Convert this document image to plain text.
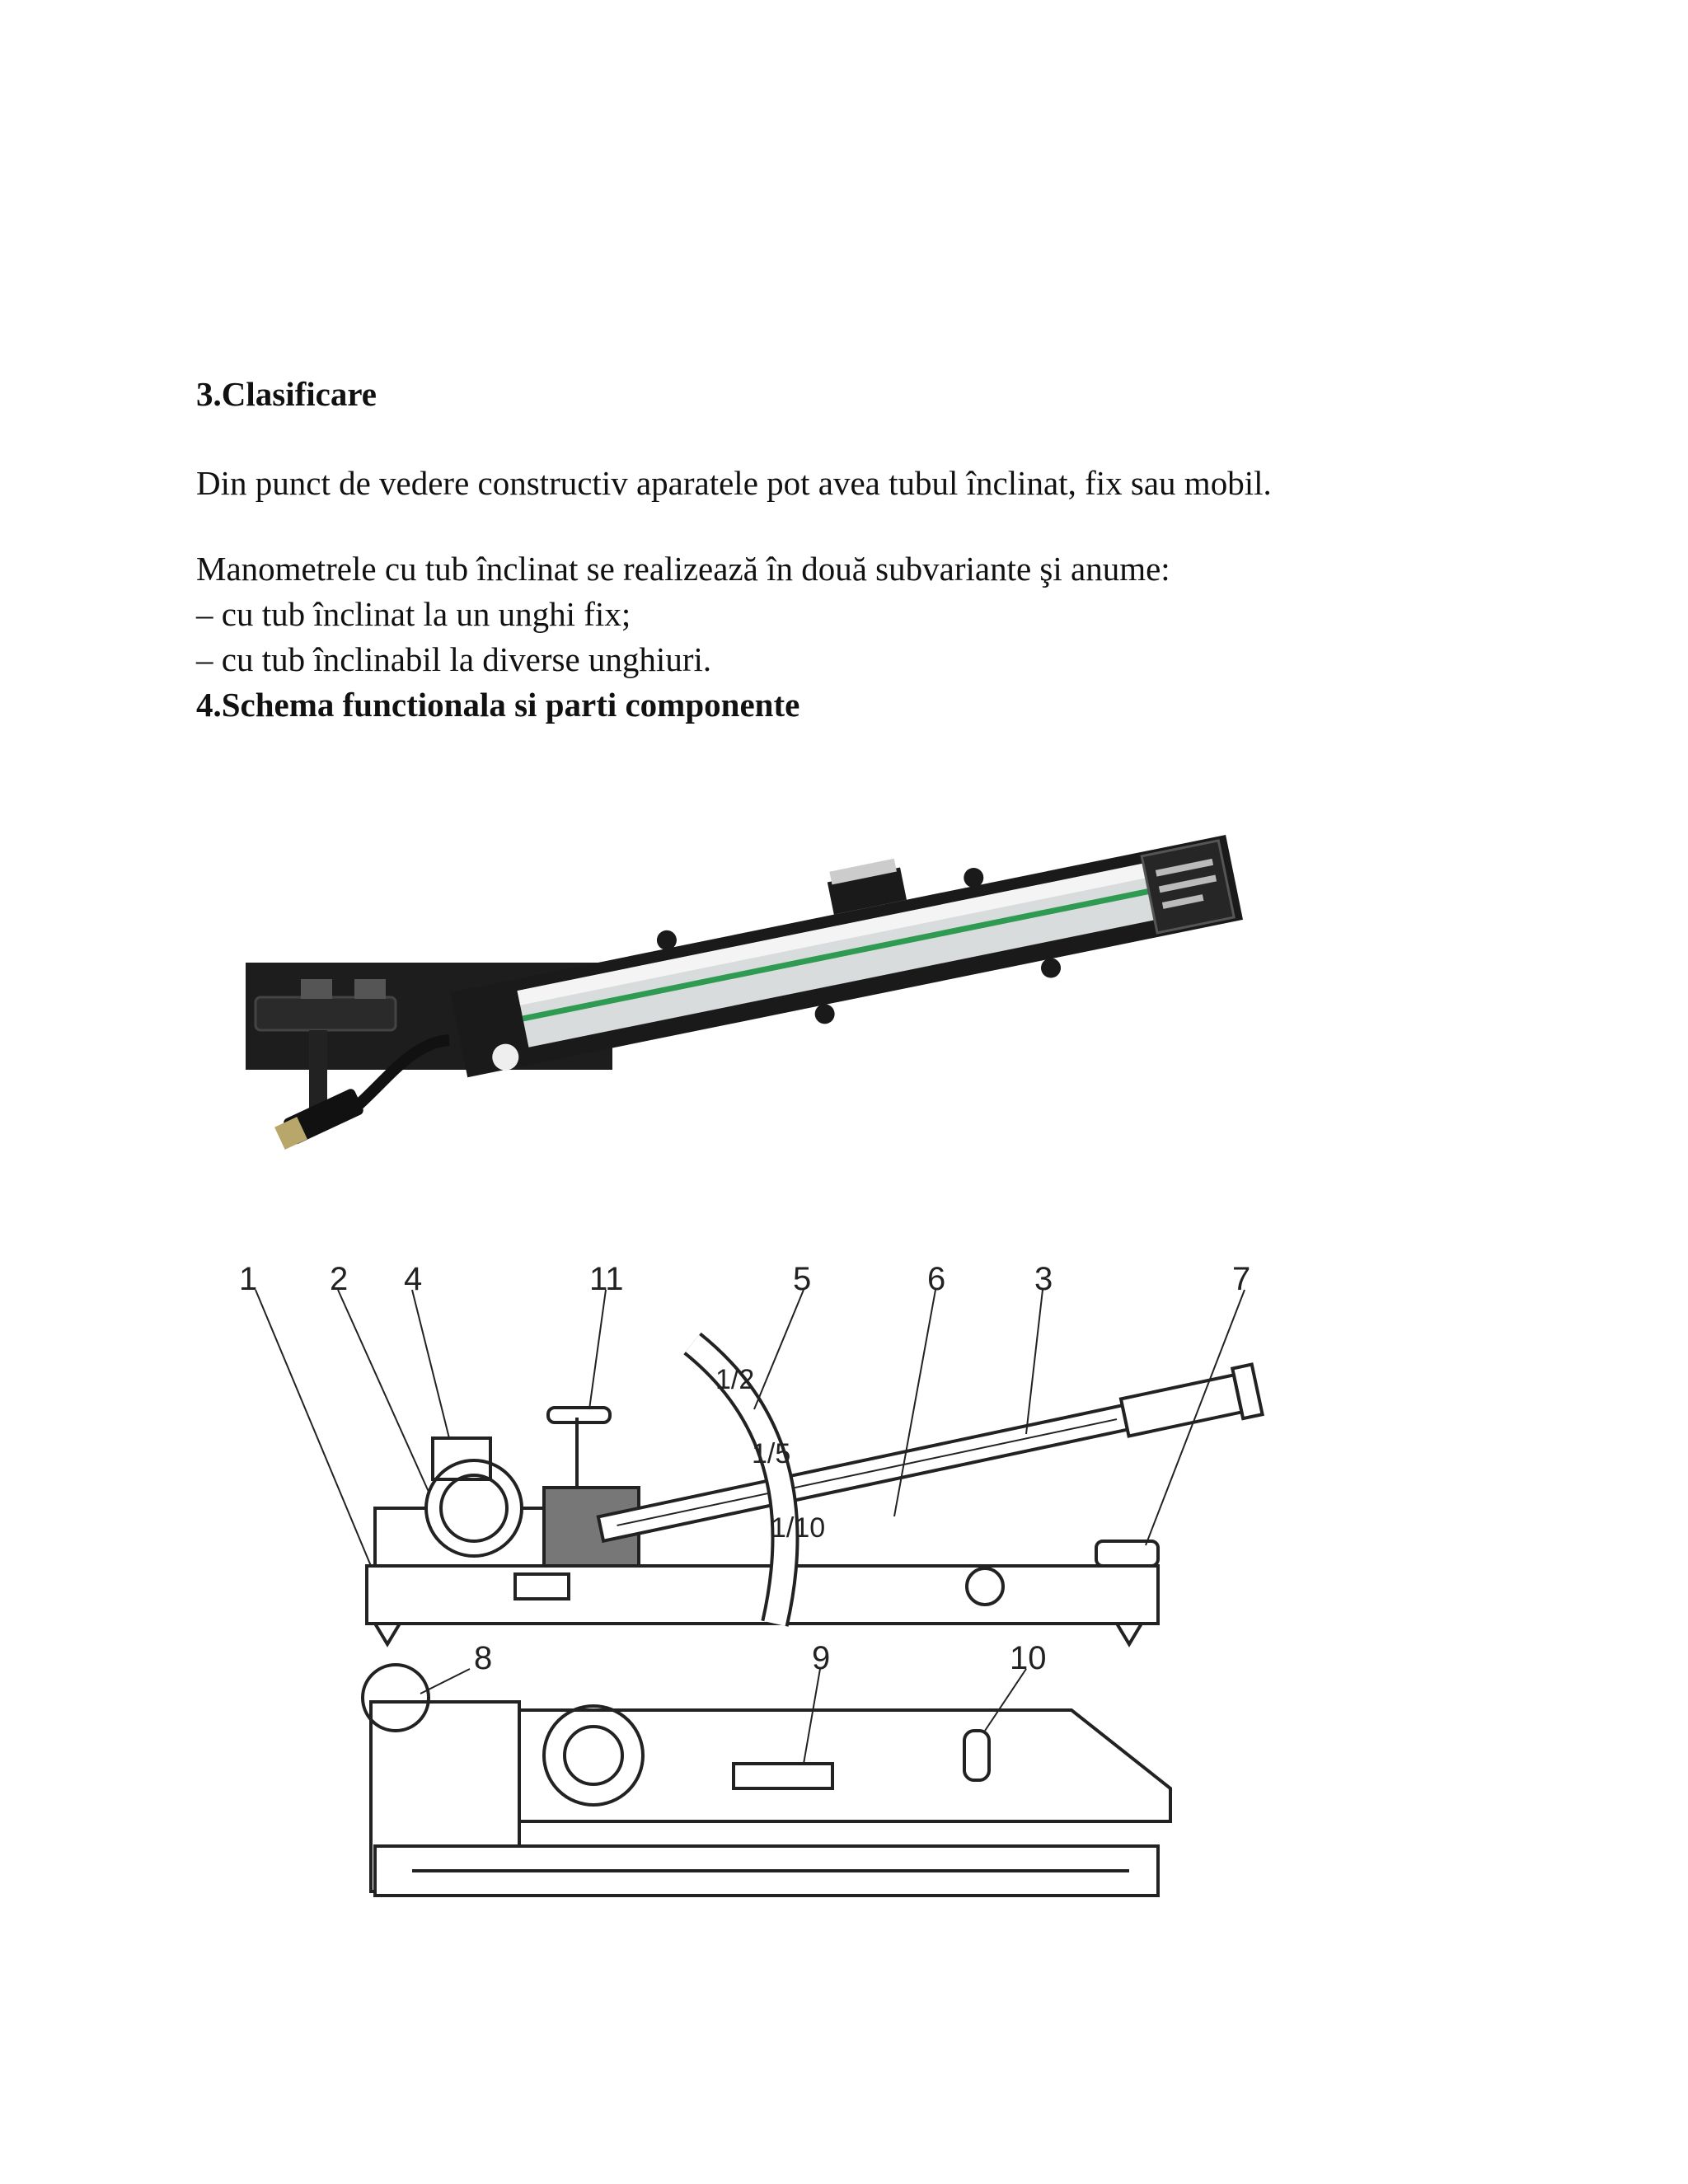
3.Clasificare
Din punct de vedere constructiv aparatele pot avea tubul înclinat, fix sau mobil.
Manometrele cu tub înclinat se realizează în două subvariante şi anume:
– cu tub înclinat la un unghi fix;
– cu tub înclinabil la diverse unghiuri.
4.Schema functionala si parti componente
1 2 4	11	5	6	3	7
8	9	10
1/2
1/5
1/10
